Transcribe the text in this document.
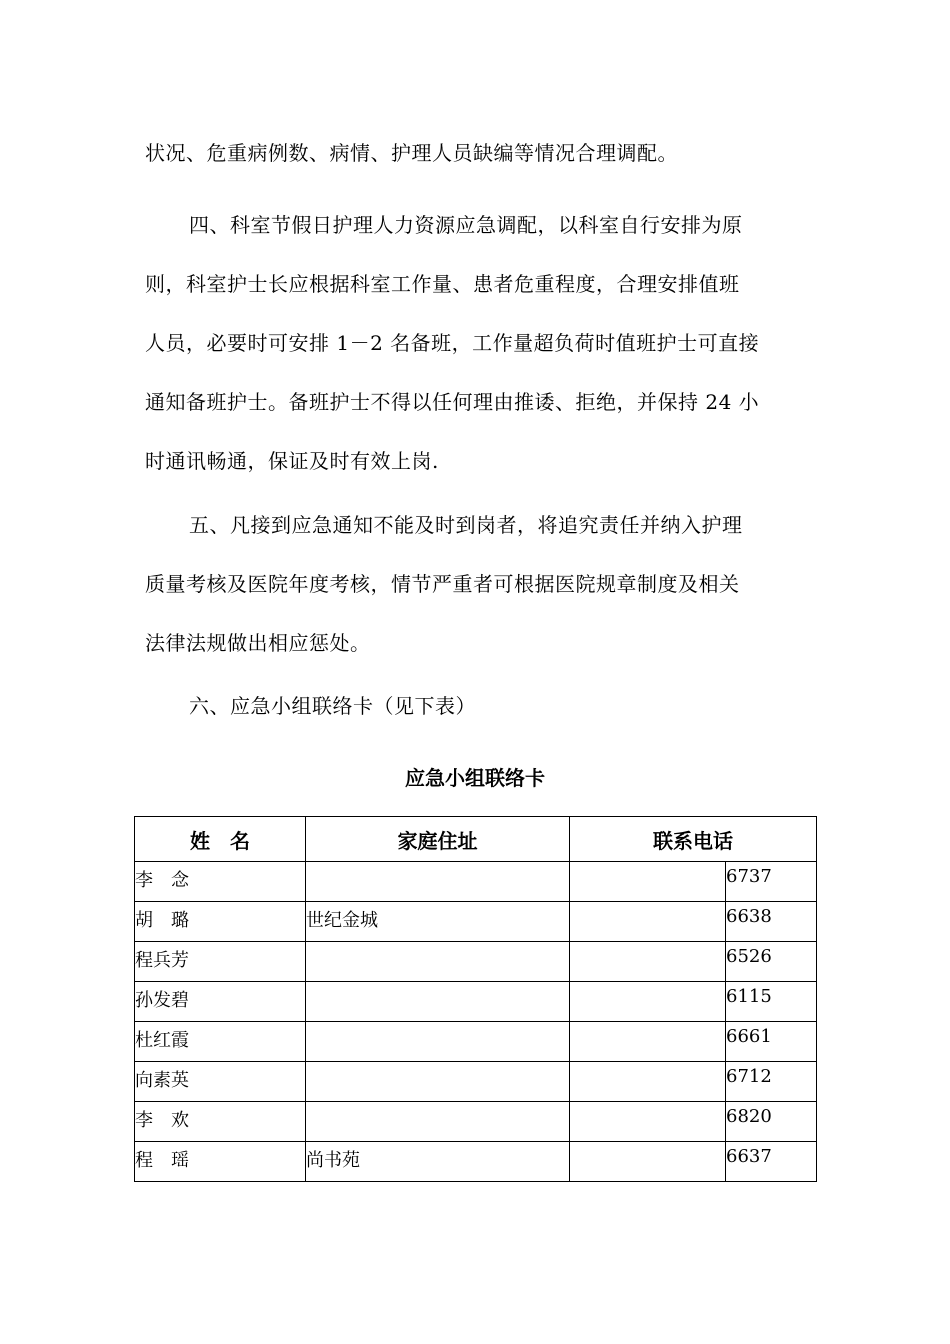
状况、危重病例数、病情、护理人员缺编等情况合理调配。
四、科室节假日护理人力资源应急调配，以科室自行安排为原
则，科室护士长应根据科室工作量、患者危重程度，合理安排值班
人员，必要时可安排 1－2 名备班，工作量超负荷时值班护士可直接
通知备班护士。备班护士不得以任何理由推诿、拒绝，并保持 24 小
时通讯畅通，保证及时有效上岗.
五、凡接到应急通知不能及时到岗者，将追究责任并纳入护理
质量考核及医院年度考核，情节严重者可根据医院规章制度及相关
法律法规做出相应惩处。
六、应急小组联络卡（见下表）
应急小组联络卡
姓　名	家庭住址	联系电话	
李　念			6737
胡　璐	世纪金城		6638
程兵芳			6526
孙发碧			6115
杜红霞			6661
向素英			6712
李　欢			6820
程　瑶	尚书苑		6637
